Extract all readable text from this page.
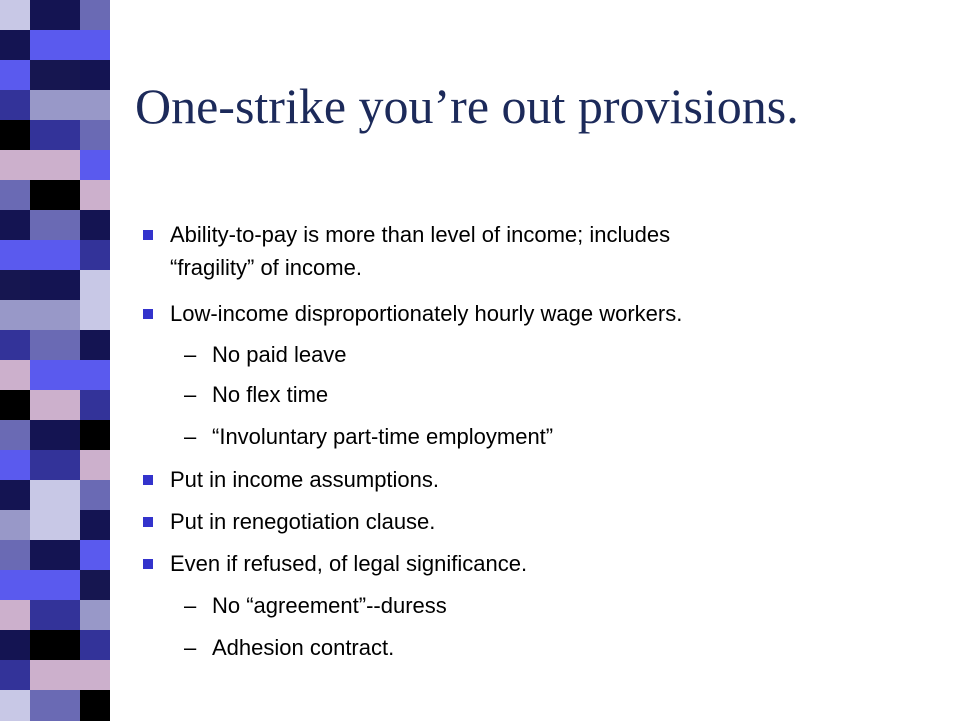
One-strike you’re out provisions.
Ability-to-pay is more than level of income; includes
“fragility” of income.
Low-income disproportionately hourly wage workers.
– No paid leave
– No flex time
– “Involuntary part-time employment”
Put in income assumptions.
Put in renegotiation clause.
Even if refused, of legal significance.
– No “agreement”--duress
– Adhesion contract.
